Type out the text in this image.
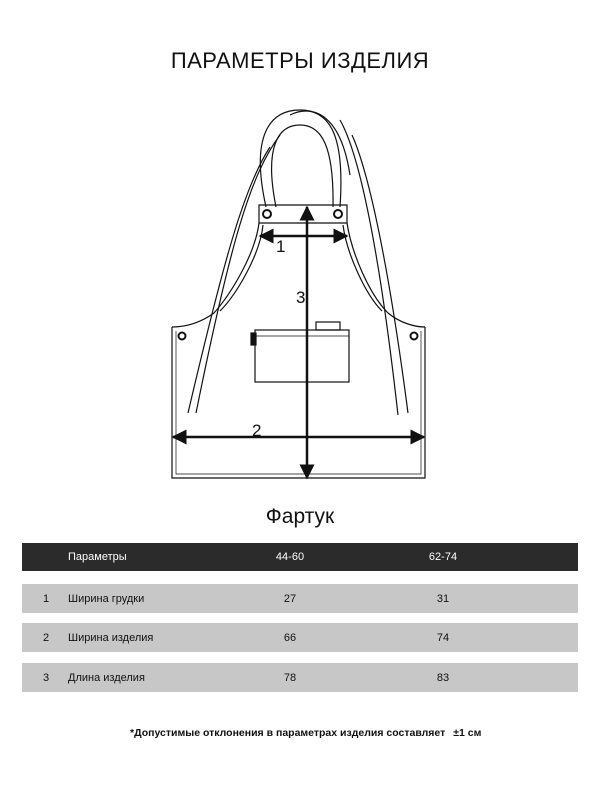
ПАРАМЕТРЫ ИЗДЕЛИЯ
1
3
2
Фартук
Параметры	44-60	62-74
1 Ширина грудки	27	31
2 Ширина изделия	66	74
3 Длина изделия	78	83
*Допустимые отклонения в параметрах изделия составляет ±1 см
